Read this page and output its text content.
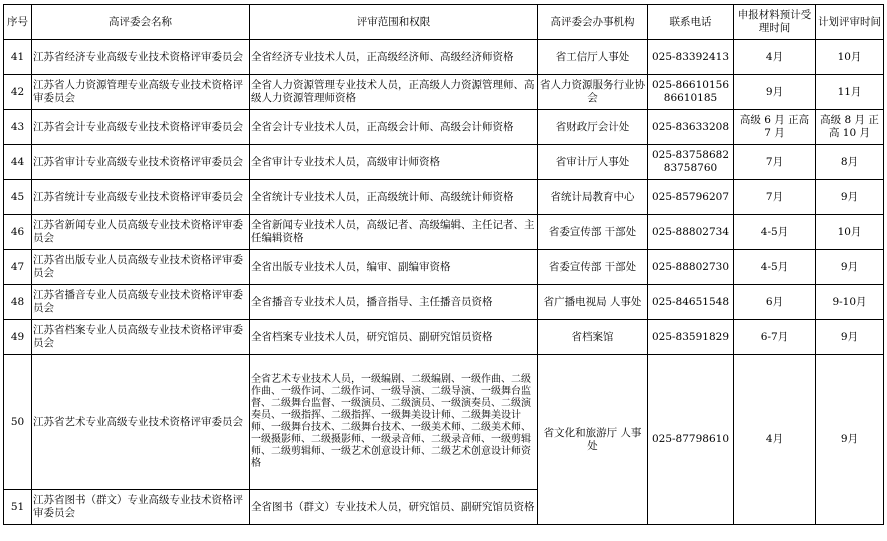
序号	高评委会名称	评审范围和权限	高评委会办事机构	联系电话	申报材料预计受理时间	计划评审时间
41	江苏省经济专业高级专业技术资格评审委员会	全省经济专业技术人员，正高级经济师、高级经济师资格	省工信厅人事处	025-83392413	4月	10月
42	江苏省人力资源管理专业高级专业技术资格评审委员会	全省人力资源管理专业技术人员，正高级人力资源管理师、高级人力资源管理师资格	省人力资源服务行业协会	025-86610156 86610185	9月	11月
43	江苏省会计专业高级专业技术资格评审委员会	全省会计专业技术人员，正高级会计师、高级会计师资格	省财政厅会计处	025-83633208	高级 6 月 正高 7 月	高级 8 月 正高 10 月
44	江苏省审计专业高级专业技术资格评审委员会	全省审计专业技术人员，高级审计师资格	省审计厅人事处	025-83758682 83758760	7月	8月
45	江苏省统计专业高级专业技术资格评审委员会	全省统计专业技术人员，正高级统计师、高级统计师资格	省统计局教育中心	025-85796207	7月	9月
46	江苏省新闻专业人员高级专业技术资格评审委员会	全省新闻专业技术人员，高级记者、高级编辑、主任记者、主任编辑资格	省委宣传部 干部处	025-88802734	4-5月	10月
47	江苏省出版专业人员高级专业技术资格评审委员会	全省出版专业技术人员，编审、副编审资格	省委宣传部 干部处	025-88802730	4-5月	9月
48	江苏省播音专业人员高级专业技术资格评审委员会	全省播音专业技术人员，播音指导、主任播音员资格	省广播电视局 人事处	025-84651548	6月	9-10月
49	江苏省档案专业人员高级专业技术资格评审委员会	全省档案专业技术人员，研究馆员、副研究馆员资格	省档案馆	025-83591829	6-7月	9月
50	江苏省艺术专业高级专业技术资格评审委员会	全省艺术专业技术人员，一级编剧、二级编剧、一级作曲、二级作曲、一级作词、二级作词、一级导演、二级导演、一级舞台监督、二级舞台监督、一级演员、二级演员、一级演奏员、二级演奏员、一级指挥、二级指挥、一级舞美设计师、二级舞美设计师、一级舞台技术、二级舞台技术、一级美术师、二级美术师、一级摄影师、二级摄影师、一级录音师、二级录音师、一级剪辑师、二级剪辑师、一级艺术创意设计师、二级艺术创意设计师资格	省文化和旅游厅 人事处	025-87798610	4月	9月
51	江苏省图书（群文）专业高级专业技术资格评审委员会	全省图书（群文）专业技术人员，研究馆员、副研究馆员资格				
